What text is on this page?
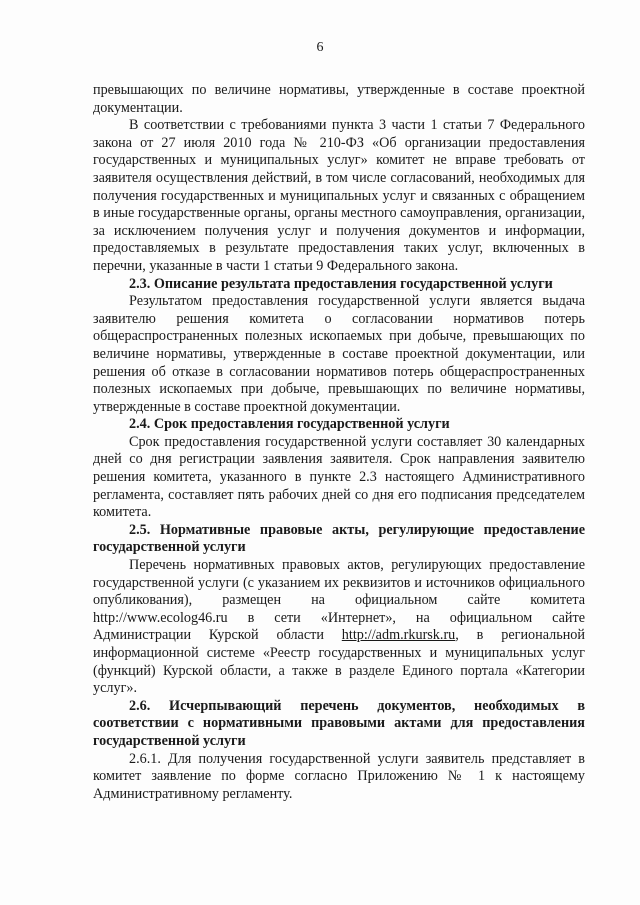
6

превышающих по величине нормативы, утвержденные в составе проектной документации.

В соответствии с требованиями пункта 3 части 1 статьи 7 Федерального закона от 27 июля 2010 года № 210-ФЗ «Об организации предоставления государственных и муниципальных услуг» комитет не вправе требовать от заявителя осуществления действий, в том числе согласований, необходимых для получения государственных и муниципальных услуг и связанных с обращением в иные государственные органы, органы местного самоуправления, организации, за исключением получения услуг и получения документов и информации, предоставляемых в результате предоставления таких услуг, включенных в перечни, указанные в части 1 статьи 9 Федерального закона.

2.3. Описание результата предоставления государственной услуги

Результатом предоставления государственной услуги является выдача заявителю решения комитета о согласовании нормативов потерь общераспространенных полезных ископаемых при добыче, превышающих по величине нормативы, утвержденные в составе проектной документации, или решения об отказе в согласовании нормативов потерь общераспространенных полезных ископаемых при добыче, превышающих по величине нормативы, утвержденные в составе проектной документации.

2.4. Срок предоставления государственной услуги

Срок предоставления государственной услуги составляет 30 календарных дней со дня регистрации заявления заявителя. Срок направления заявителю решения комитета, указанного в пункте 2.3 настоящего Административного регламента, составляет пять рабочих дней со дня его подписания председателем комитета.

2.5. Нормативные правовые акты, регулирующие предоставление государственной услуги

Перечень нормативных правовых актов, регулирующих предоставление государственной услуги (с указанием их реквизитов и источников официального опубликования), размещен на официальном сайте комитета http://www.ecolog46.ru в сети «Интернет», на официальном сайте Администрации Курской области http://adm.rkursk.ru, в региональной информационной системе «Реестр государственных и муниципальных услуг (функций) Курской области, а также в разделе Единого портала «Категории услуг».

2.6. Исчерпывающий перечень документов, необходимых в соответствии с нормативными правовыми актами для предоставления государственной услуги

2.6.1. Для получения государственной услуги заявитель представляет в комитет заявление по форме согласно Приложению № 1 к настоящему Административному регламенту.
